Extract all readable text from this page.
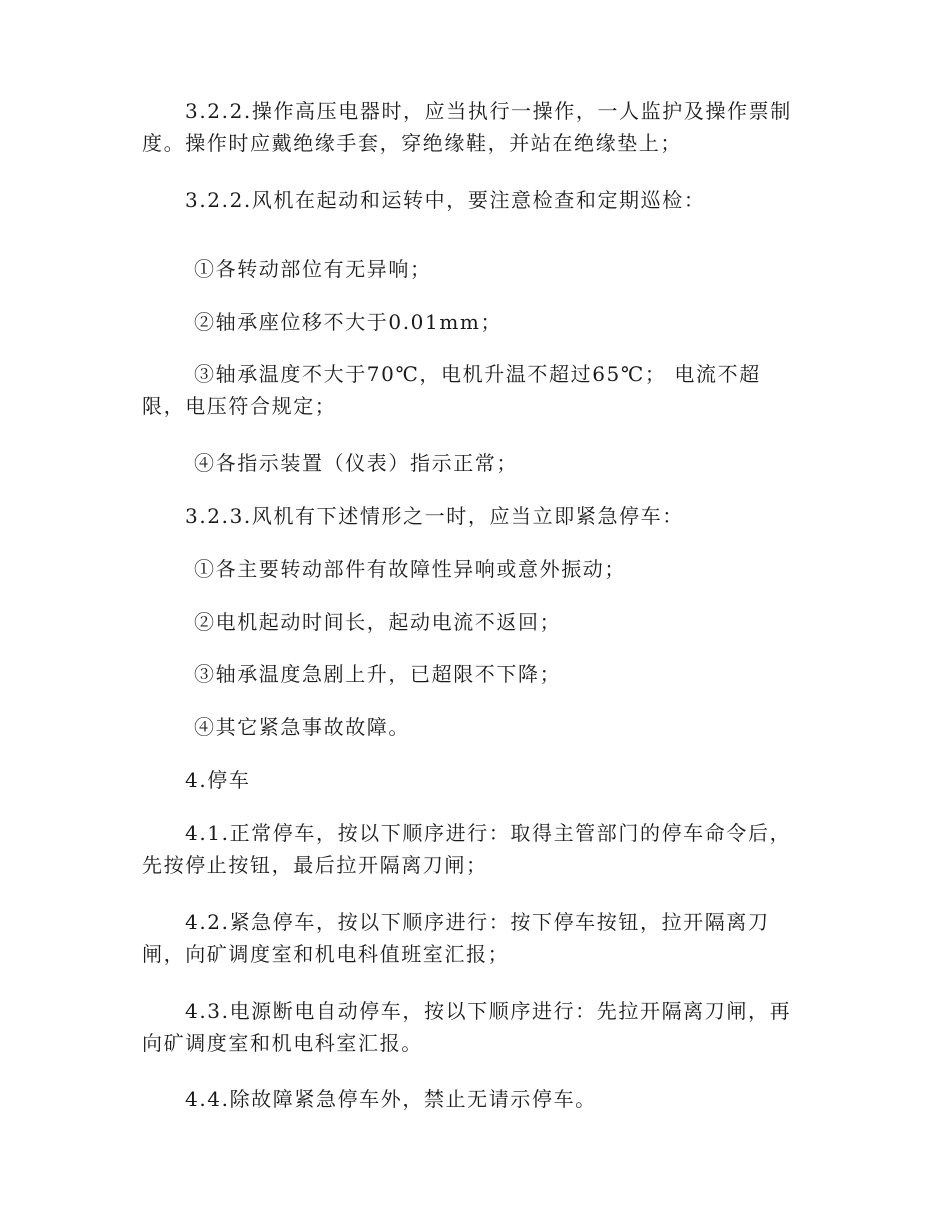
3.2.2.操作高压电器时，应当执行一操作，一人监护及操作票制度。操作时应戴绝缘手套，穿绝缘鞋，并站在绝缘垫上；

3.2.2.风机在起动和运转中，要注意检查和定期巡检：

①各转动部位有无异响；

②轴承座位移不大于0.01mm；

③轴承温度不大于70℃，电机升温不超过65℃； 电流不超限，电压符合规定；

④各指示装置（仪表）指示正常；

3.2.3.风机有下述情形之一时，应当立即紧急停车：

①各主要转动部件有故障性异响或意外振动；

②电机起动时间长，起动电流不返回；

③轴承温度急剧上升，已超限不下降；

④其它紧急事故故障。

4.停车

4.1.正常停车，按以下顺序进行：取得主管部门的停车命令后，先按停止按钮，最后拉开隔离刀闸；

4.2.紧急停车，按以下顺序进行：按下停车按钮，拉开隔离刀闸，向矿调度室和机电科值班室汇报；

4.3.电源断电自动停车，按以下顺序进行：先拉开隔离刀闸，再向矿调度室和机电科室汇报。

4.4.除故障紧急停车外，禁止无请示停车。
